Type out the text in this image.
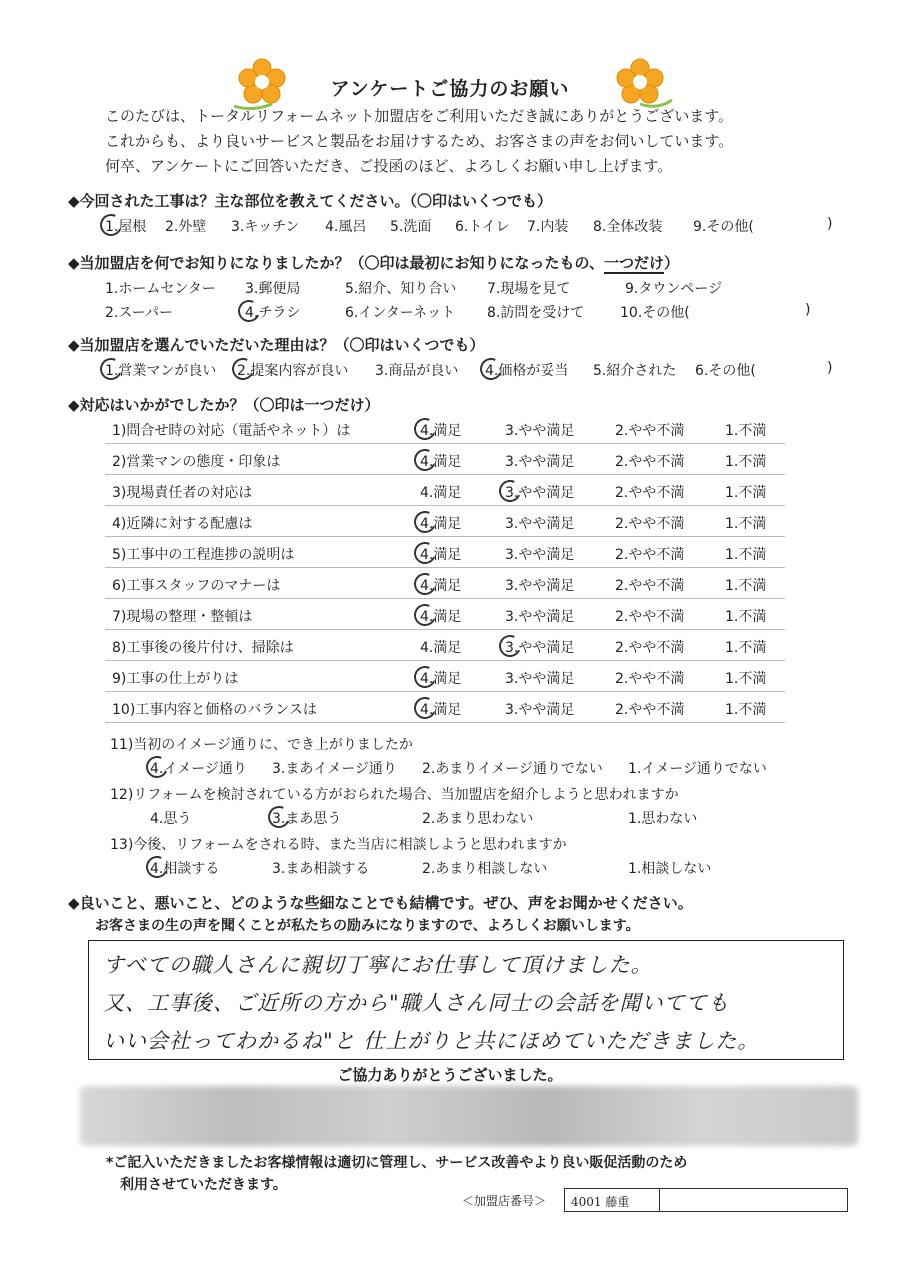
アンケートご協力のお願い
このたびは、トータルリフォームネット加盟店をご利用いただき誠にありがとうございます。
これからも、より良いサービスと製品をお届けするため、お客さまの声をお伺いしています。
何卒、アンケートにご回答いただき、ご投函のほど、よろしくお願い申し上げます。
◆今回された工事は？主な部位を教えてください。（〇印はいくつでも）
1.屋根 2.外壁 3.キッチン 4.風呂 5.洗面 6.トイレ 7.内装 8.全体改装 9.その他(	)
◆当加盟店を何でお知りになりましたか？（〇印は最初にお知りになったもの、一つだけ）
1.ホームセンター 3.郵便局	5.紹介、知り合い 7.現場を見て	9.タウンページ
2.スーパー	4.チラシ	6.インターネット 8.訪問を受けて	10.その他(	)
◆当加盟店を選んでいただいた理由は？（〇印はいくつでも）
1.営業マンが良い 2.提案内容が良い 3.商品が良い 4.価格が妥当 5.紹介された 6.その他(	)
◆対応はいかがでしたか？（〇印は一つだけ）
1)問合せ時の対応（電話やネット）は	4.満足	3.やや満足	2.やや不満	1.不満
2)営業マンの態度・印象は	4.満足	3.やや満足	2.やや不満	1.不満
3)現場責任者の対応は	4.満足	3.やや満足	2.やや不満	1.不満
4)近隣に対する配慮は	4.満足	3.やや満足	2.やや不満	1.不満
5)工事中の工程進捗の説明は	4.満足	3.やや満足	2.やや不満	1.不満
6)工事スタッフのマナーは	4.満足	3.やや満足	2.やや不満	1.不満
7)現場の整理・整頓は	4.満足	3.やや満足	2.やや不満	1.不満
8)工事後の後片付け、掃除は	4.満足	3.やや満足	2.やや不満	1.不満
9)工事の仕上がりは	4.満足	3.やや満足	2.やや不満	1.不満
10)工事内容と価格のバランスは	4.満足	3.やや満足	2.やや不満	1.不満
11)当初のイメージ通りに、でき上がりましたか
4.イメージ通り 3.まあイメージ通り 2.あまりイメージ通りでない 1.イメージ通りでない
12)リフォームを検討されている方がおられた場合、当加盟店を紹介しようと思われますか
4.思う	3.まあ思う	2.あまり思わない	1.思わない
13)今後、リフォームをされる時、また当店に相談しようと思われますか
4.相談する	3.まあ相談する	2.あまり相談しない	1.相談しない
◆良いこと、悪いこと、どのような些細なことでも結構です。ぜひ、声をお聞かせください。
お客さまの生の声を聞くことが私たちの励みになりますので、よろしくお願いします。
すべての職人さんに親切丁寧にお仕事して頂けました。
又、工事後、ご近所の方から"職人さん同士の会話を聞いてても
いい会社ってわかるね"と 仕上がりと共にほめていただきました。
ご協力ありがとうございました。
*ご記入いただきましたお客様情報は適切に管理し、サービス改善やより良い販促活動のため
利用させていただきます。
＜加盟店番号＞	4001 藤重
